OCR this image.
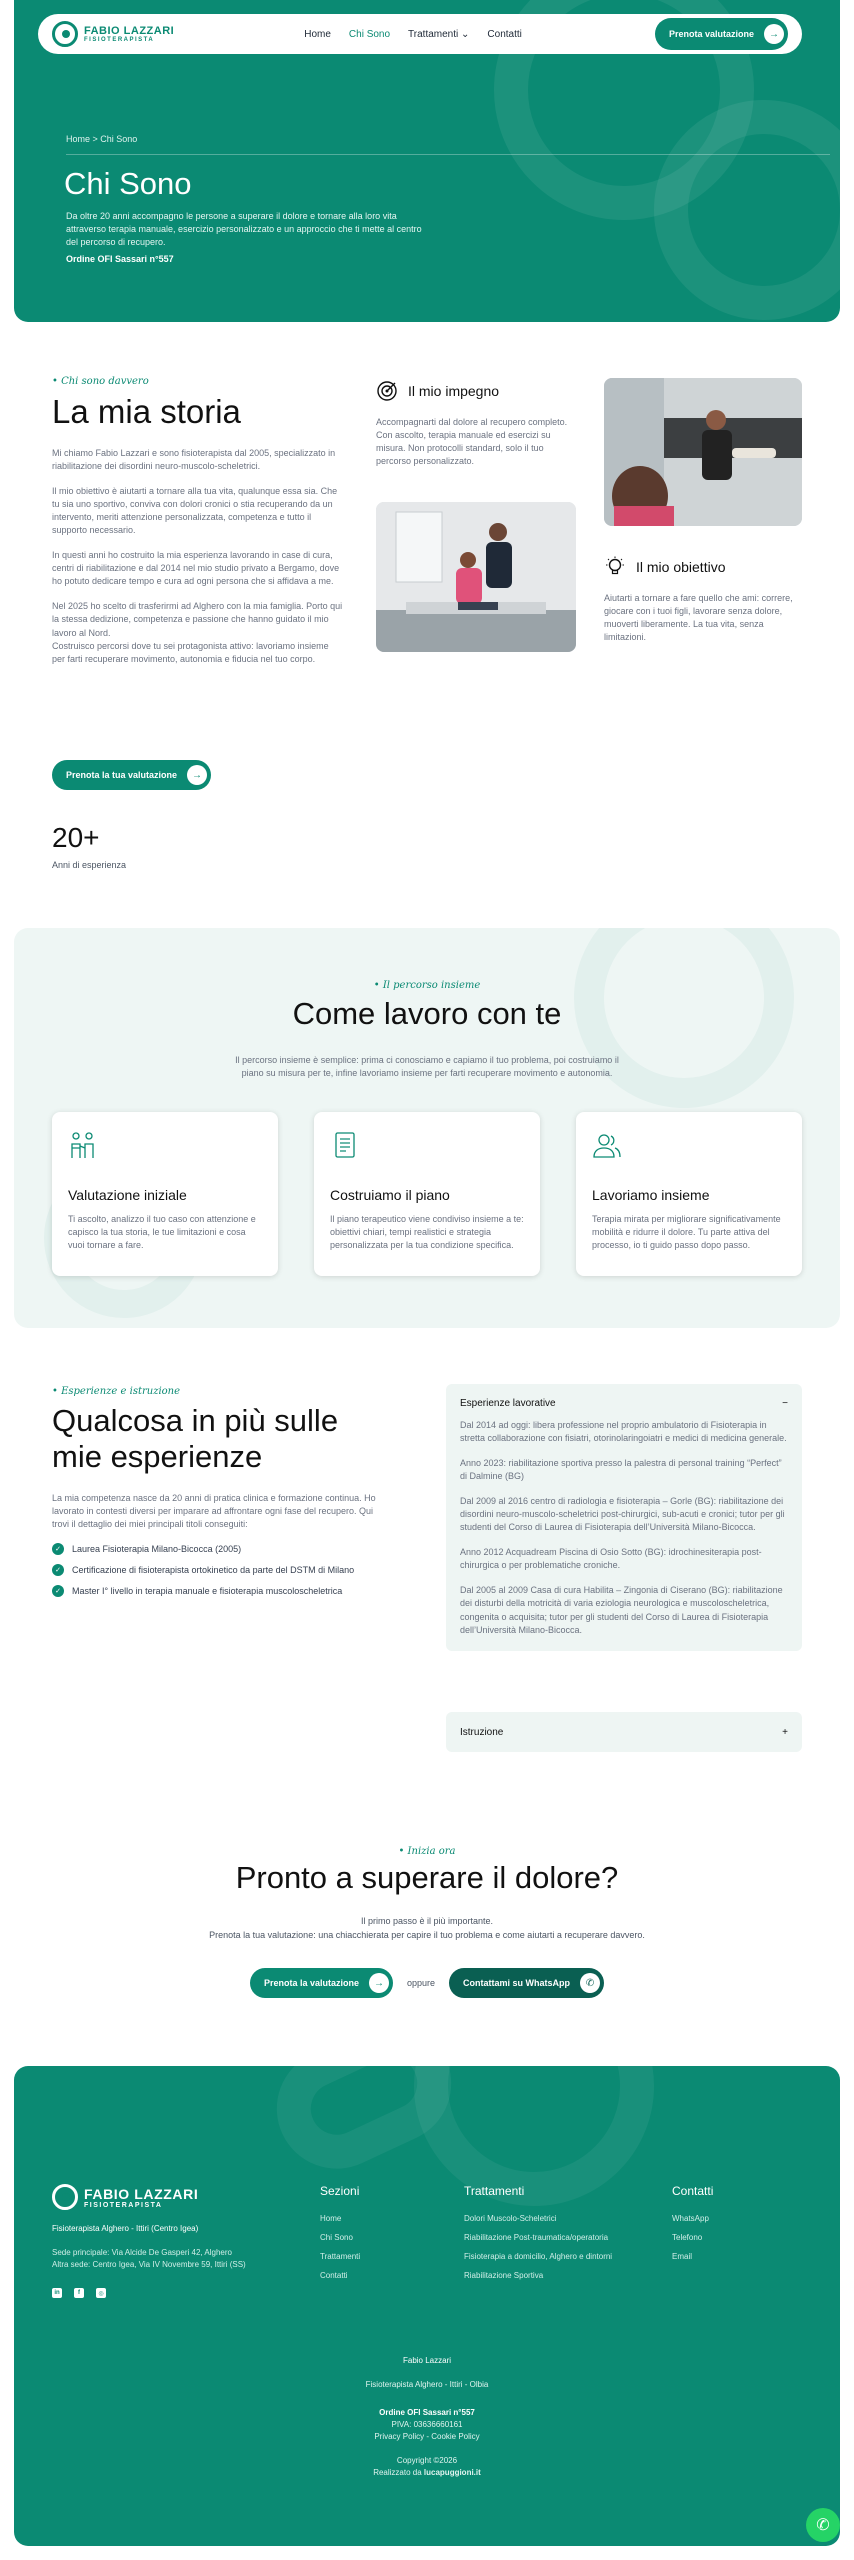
Home > Chi Sono
Chi Sono

Da oltre 20 anni accompagno le persone a superare il dolore e tornare alla loro vita attraverso terapia manuale, esercizio personalizzato e un approccio che ti mette al centro del percorso di recupero.

Ordine OFI Sassari n°557
FABIO LAZZARI
FISIOTERAPISTA
Home Chi Sono Trattamenti ⌄ Contatti	Prenota valutazione	→
• Chi sono davvero
La mia storia

Mi chiamo Fabio Lazzari e sono fisioterapista dal 2005, specializzato in riabilitazione dei disordini neuro-muscolo-scheletrici.

Il mio obiettivo è aiutarti a tornare alla tua vita, qualunque essa sia. Che tu sia uno sportivo, conviva con dolori cronici o stia recuperando da un intervento, meriti attenzione personalizzata, competenza e tutto il supporto necessario.

In questi anni ho costruito la mia esperienza lavorando in case di cura, centri di riabilitazione e dal 2014 nel mio studio privato a Bergamo, dove ho potuto dedicare tempo e cura ad ogni persona che si affidava a me.

Nel 2025 ho scelto di trasferirmi ad Alghero con la mia famiglia. Porto qui la stessa dedizione, competenza e passione che hanno guidato il mio lavoro al Nord.

Costruisco percorsi dove tu sei protagonista attivo: lavoriamo insieme per farti recuperare movimento, autonomia e fiducia nel tuo corpo.

Prenota la tua valutazione	→
20+
Anni di esperienza
Il mio impegno

Accompagnarti dal dolore al recupero completo. Con ascolto, terapia manuale ed esercizi su misura. Non protocolli standard, solo il tuo percorso personalizzato.

Il mio obiettivo

Aiutarti a tornare a fare quello che ami: correre, giocare con i tuoi figli, lavorare senza dolore, muoverti liberamente. La tua vita, senza limitazioni.

• Il percorso insieme
Come lavoro con te

Il percorso insieme è semplice: prima ci conosciamo e capiamo il tuo problema, poi costruiamo il piano su misura per te, infine lavoriamo insieme per farti recuperare movimento e autonomia.

Valutazione iniziale

Ti ascolto, analizzo il tuo caso con attenzione e capisco la tua storia, le tue limitazioni e cosa vuoi tornare a fare.

Costruiamo il piano

Il piano terapeutico viene condiviso insieme a te: obiettivi chiari, tempi realistici e strategia personalizzata per la tua condizione specifica.

Lavoriamo insieme

Terapia mirata per migliorare significativamente mobilità e ridurre il dolore. Tu parte attiva del processo, io ti guido passo dopo passo.

• Esperienze e istruzione
Qualcosa in più sulle
mie esperienze

La mia competenza nasce da 20 anni di pratica clinica e formazione continua. Ho lavorato in contesti diversi per imparare ad affrontare ogni fase del recupero. Qui trovi il dettaglio dei miei principali titoli conseguiti:

✓	Laurea Fisioterapia Milano-Bicocca (2005)
✓	Certificazione di fisioterapista ortokinetico da parte del DSTM di Milano
✓	Master I° livello in terapia manuale e fisioterapia muscoloscheletrica
Esperienze lavorative	−

Dal 2014 ad oggi: libera professione nel proprio ambulatorio di Fisioterapia in stretta collaborazione con fisiatri, otorinolaringoiatri e medici di medicina generale.

Anno 2023: riabilitazione sportiva presso la palestra di personal training “Perfect” di Dalmine (BG)

Dal 2009 al 2016 centro di radiologia e fisioterapia – Gorle (BG): riabilitazione dei disordini neuro-muscolo-scheletrici post-chirurgici, sub-acuti e cronici; tutor per gli studenti del Corso di Laurea di Fisioterapia dell’Università Milano-Bicocca.

Anno 2012 Acquadream Piscina di Osio Sotto (BG): idrochinesiterapia post-chirurgica o per problematiche croniche.

Dal 2005 al 2009 Casa di cura Habilita – Zingonia di Ciserano (BG): riabilitazione dei disturbi della motricità di varia eziologia neurologica e muscoloscheletrica, congenita o acquisita; tutor per gli studenti del Corso di Laurea di Fisioterapia dell’Università Milano-Bicocca.

Istruzione	+
• Inizia ora
Pronto a superare il dolore?
Il primo passo è il più importante.
Prenota la tua valutazione: una chiacchierata per capire il tuo problema e come aiutarti a recuperare davvero.
Prenota la valutazione	→	oppure	Contattami su WhatsApp	✆
FABIO LAZZARI
FISIOTERAPISTA
Fisioterapista Alghero - Ittiri (Centro Igea)
Sede principale: Via Alcide De Gasperi 42, Alghero
Altra sede: Centro Igea, Via IV Novembre 59, Ittiri (SS)
in	f	◎
Sezioni
Home
Chi Sono
Trattamenti
Contatti
Trattamenti
Dolori Muscolo-Scheletrici
Riabilitazione Post-traumatica/operatoria
Fisioterapia a domicilio, Alghero e dintorni
Riabilitazione Sportiva
Contatti
WhatsApp
Telefono
Email
Fabio Lazzari
Fisioterapista Alghero - Ittiri - Olbia
Ordine OFI Sassari n°557
PIVA: 03636660161
Privacy Policy - Cookie Policy
Copyright ©2026
Realizzato da lucapuggioni.it
✆
